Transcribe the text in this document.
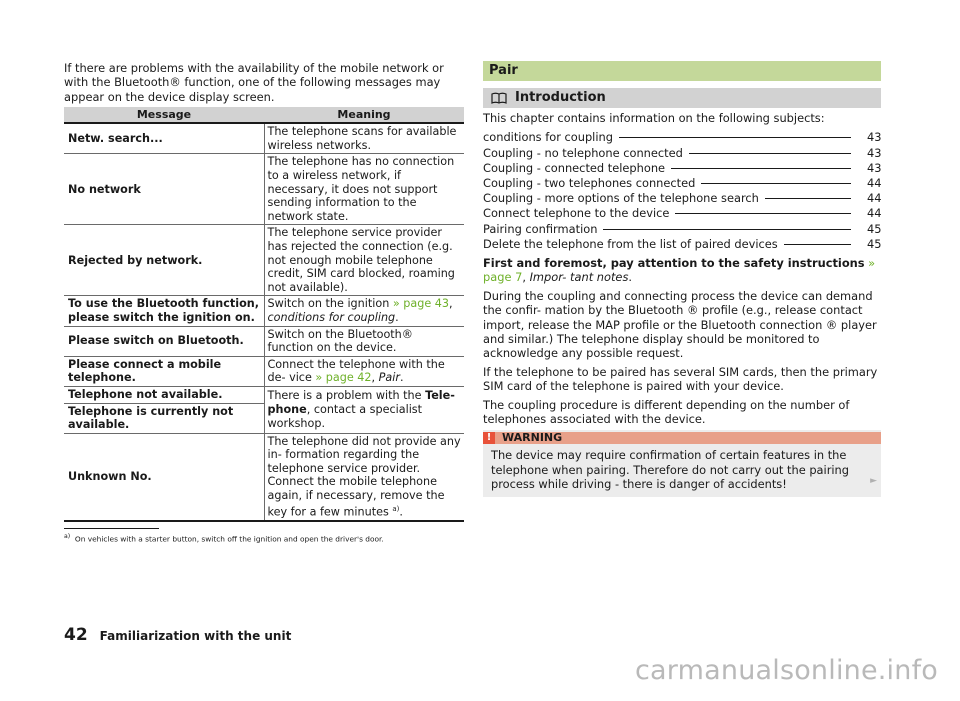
If there are problems with the availability of the mobile network or with the Bluetooth® function, one of the following messages may appear on the device display screen.

Message	Meaning
Netw. search...	The telephone scans for available wireless networks.
No network	The telephone has no connection to a wireless network, if necessary, it does not support sending information to the network state.
Rejected by network.	The telephone service provider has rejected the connection (e.g. not enough mobile telephone credit, SIM card blocked, roaming not available).
To use the Bluetooth function, please switch the ignition on.	Switch on the ignition » page 43,
conditions for coupling.
Please switch on Bluetooth.	Switch on the Bluetooth® function on the device.
Please connect a mobile telephone.	Connect the telephone with the de- vice » page 42, Pair.
Telephone not available.	There is a problem with the Tele- phone, contact a specialist workshop.
Telephone is currently not available.	
Unknown No.	The telephone did not provide any in- formation regarding the telephone service provider. Connect the mobile telephone again, if necessary, remove the key for a few minutes $^{a)}$.
$^{a)}$ On vehicles with a starter button, switch off the ignition and open the driver's door.
Pair
Introduction

This chapter contains information on the following subjects:

conditions for coupling	43
Coupling - no telephone connected	43
Coupling - connected telephone	43
Coupling - two telephones connected	44
Coupling - more options of the telephone search	44
Connect telephone to the device	44
Pairing confirmation	45
Delete the telephone from the list of paired devices	45

First and foremost, pay attention to the safety instructions » page 7, Impor- tant notes.

During the coupling and connecting process the device can demand the confir- mation by the Bluetooth ® profile (e.g., release contact import, release the MAP profile or the Bluetooth connection ® player and similar.) The telephone display should be monitored to acknowledge any possible request.

If the telephone to be paired has several SIM cards, then the primary SIM card of the telephone is paired with your device.

The coupling procedure is different depending on the number of telephones associated with the device.

! WARNING
The device may require confirmation of certain features in the telephone when pairing. Therefore do not carry out the pairing process while driving - there is danger of accidents!	►
42 Familiarization with the unit
carmanualsonline.info
